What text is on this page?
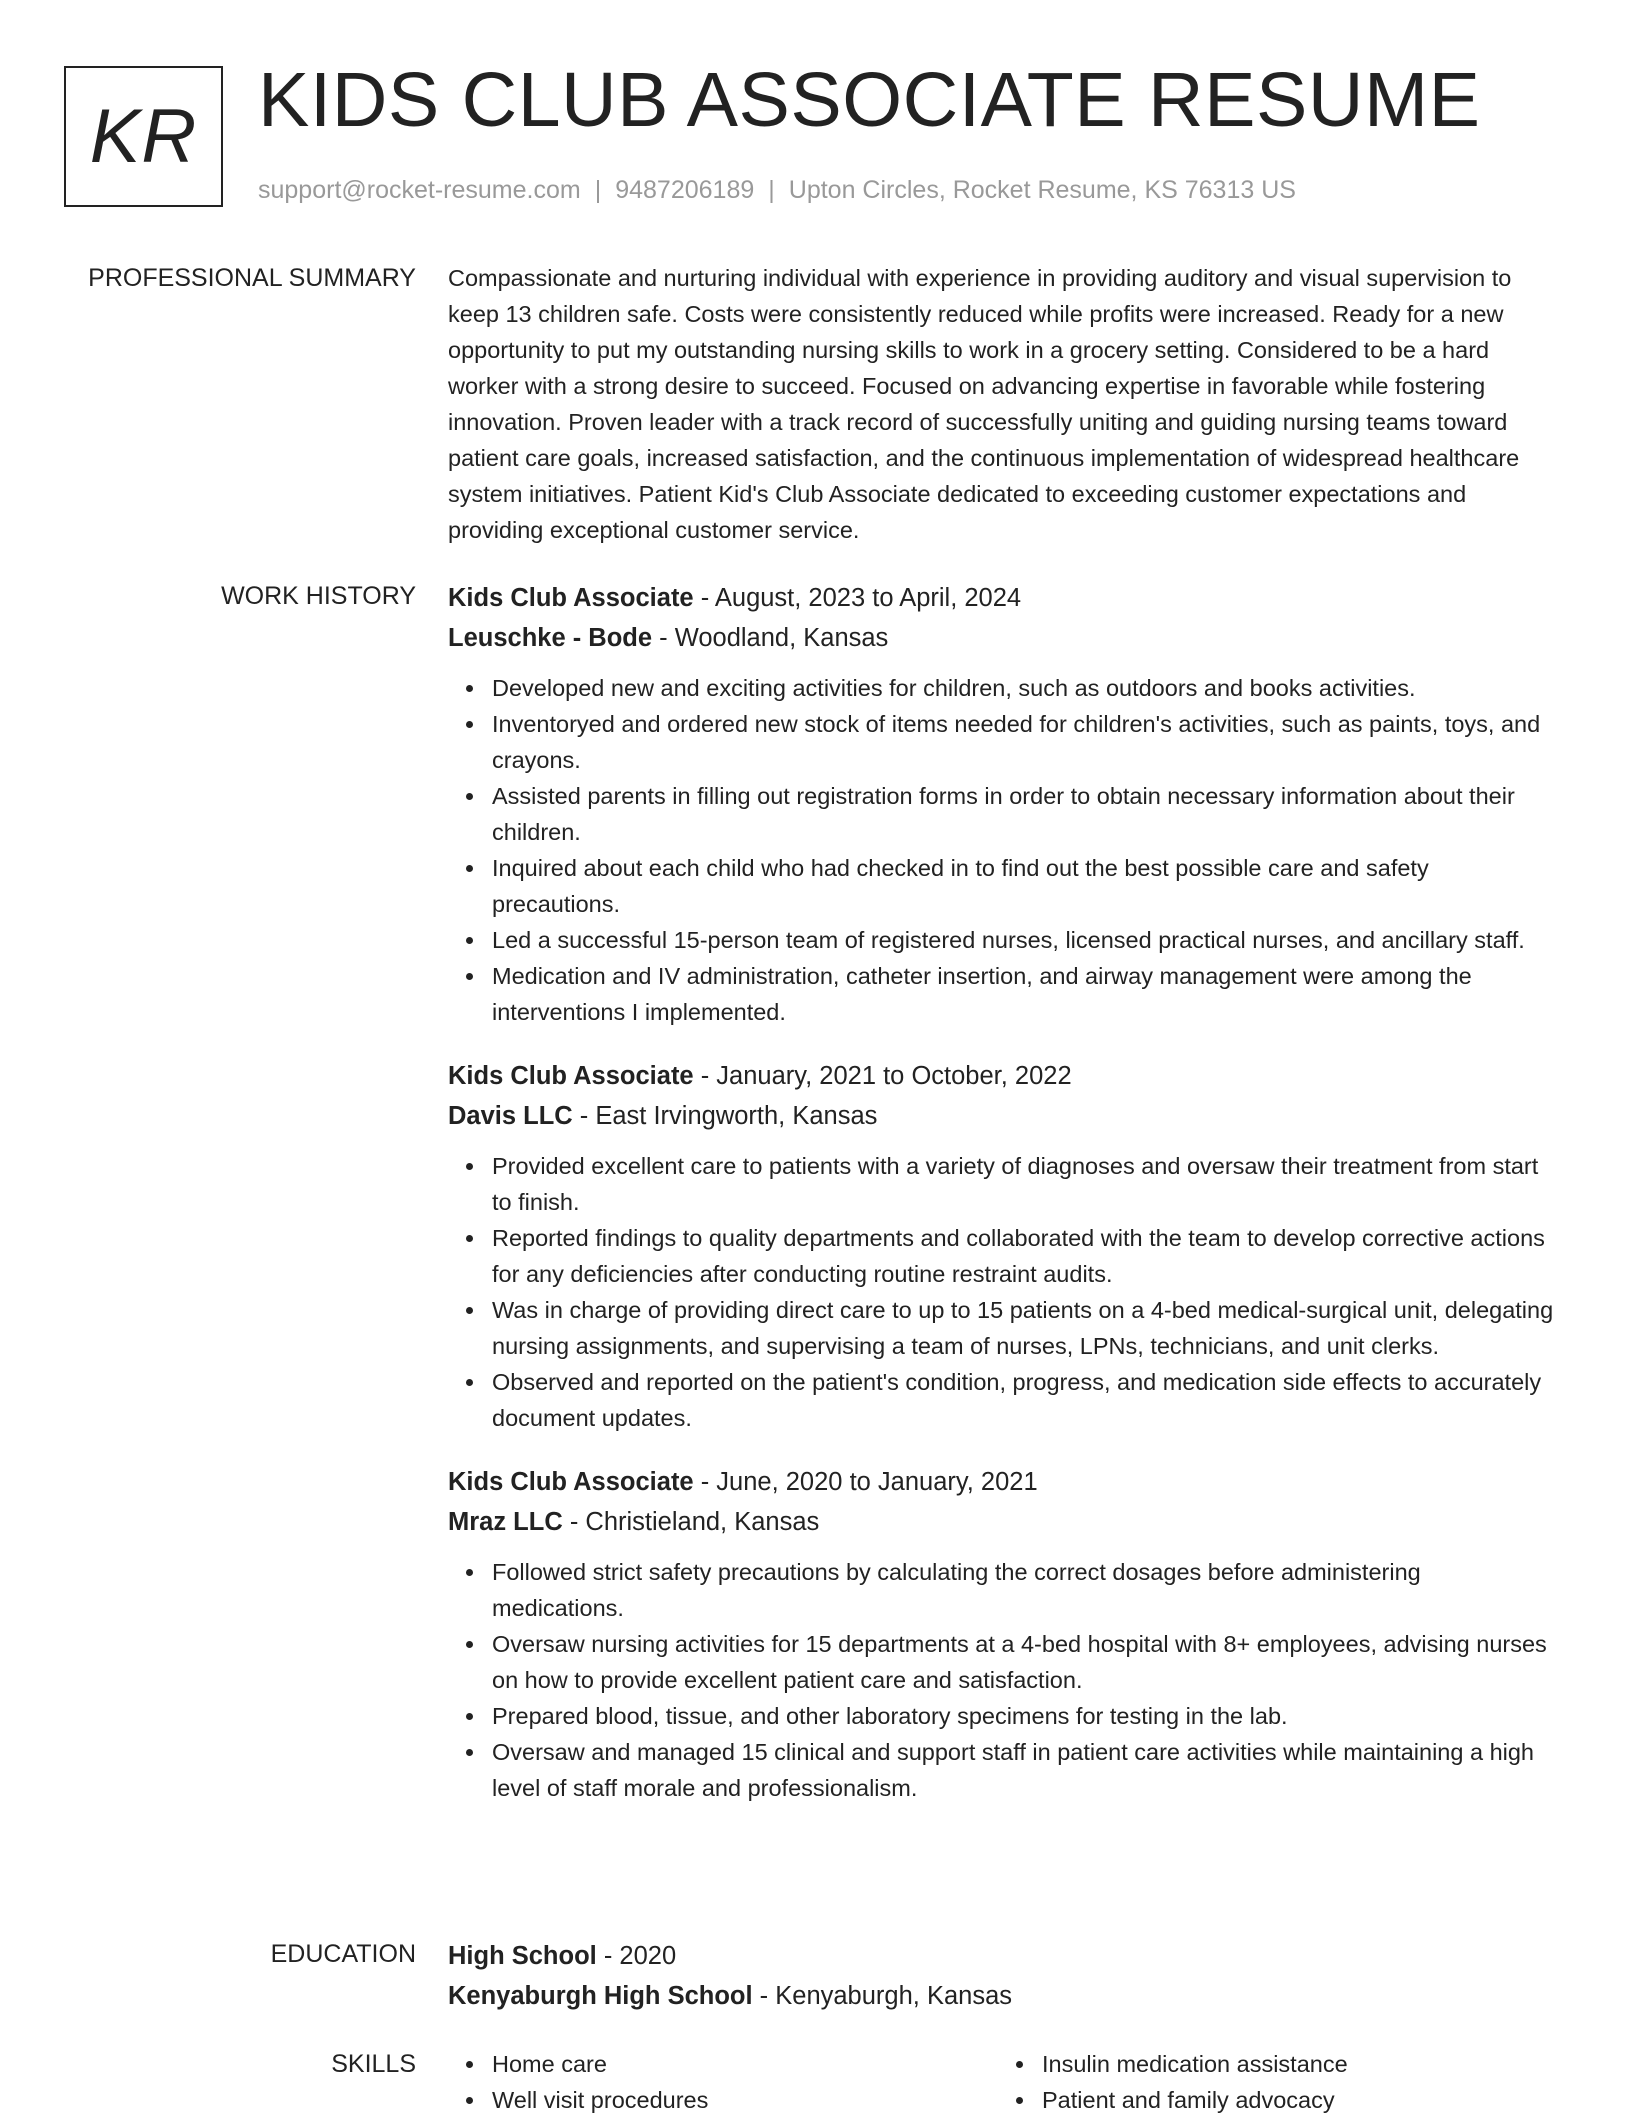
KR KIDS CLUB ASSOCIATE RESUME
support@rocket-resume.com | 9487206189 | Upton Circles, Rocket Resume, KS 76313 US
PROFESSIONAL SUMMARY Compassionate and nurturing individual with experience in providing auditory and visual supervision to keep 13 children safe. Costs were consistently reduced while profits were increased. Ready for a new opportunity to put my outstanding nursing skills to work in a grocery setting. Considered to be a hard worker with a strong desire to succeed. Focused on advancing expertise in favorable while fostering innovation. Proven leader with a track record of successfully uniting and guiding nursing teams toward patient care goals, increased satisfaction, and the continuous implementation of widespread healthcare system initiatives. Patient Kid's Club Associate dedicated to exceeding customer expectations and providing exceptional customer service.

WORK HISTORY Kids Club Associate - August, 2023 to April, 2024
Leuschke - Bode - Woodland, Kansas
Developed new and exciting activities for children, such as outdoors and books activities.
Inventoryed and ordered new stock of items needed for children's activities, such as paints, toys, and crayons.
Assisted parents in filling out registration forms in order to obtain necessary information about their children.
Inquired about each child who had checked in to find out the best possible care and safety precautions.
Led a successful 15-person team of registered nurses, licensed practical nurses, and ancillary staff.
Medication and IV administration, catheter insertion, and airway management were among the interventions I implemented.
Kids Club Associate - January, 2021 to October, 2022
Davis LLC - East Irvingworth, Kansas
Provided excellent care to patients with a variety of diagnoses and oversaw their treatment from start to finish.
Reported findings to quality departments and collaborated with the team to develop corrective actions for any deficiencies after conducting routine restraint audits.
Was in charge of providing direct care to up to 15 patients on a 4-bed medical-surgical unit, delegating nursing assignments, and supervising a team of nurses, LPNs, technicians, and unit clerks.
Observed and reported on the patient's condition, progress, and medication side effects to accurately document updates.
Kids Club Associate - June, 2020 to January, 2021
Mraz LLC - Christieland, Kansas
Followed strict safety precautions by calculating the correct dosages before administering medications.
Oversaw nursing activities for 15 departments at a 4-bed hospital with 8+ employees, advising nurses on how to provide excellent patient care and satisfaction.
Prepared blood, tissue, and other laboratory specimens for testing in the lab.
Oversaw and managed 15 clinical and support staff in patient care activities while maintaining a high level of staff morale and professionalism.
EDUCATION High School - 2020
Kenyaburgh High School - Kenyaburgh, Kansas
SKILLS	Home care
Well visit procedures
Insulin medication assistance
Patient and family advocacy
